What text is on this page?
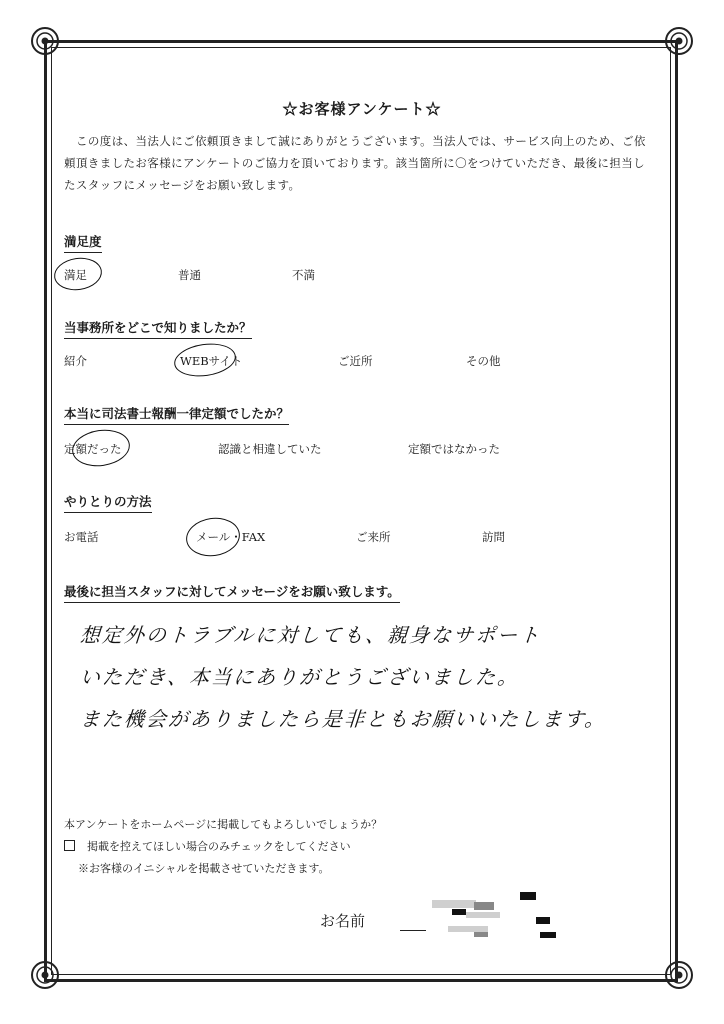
☆お客様アンケート☆
この度は、当法人にご依頼頂きまして誠にありがとうございます。当法人では、サービス向上のため、ご依頼頂きましたお客様にアンケートのご協力を頂いております。該当箇所に〇をつけていただき、最後に担当したスタッフにメッセージをお願い致します。
満足度
満足	普通	不満
当事務所をどこで知りましたか？
紹介	WEBサイト	ご近所	その他
本当に司法書士報酬一律定額でしたか？
定額だった	認識と相違していた	定額ではなかった
やりとりの方法
お電話	メール・FAX	ご来所	訪問
最後に担当スタッフに対してメッセージをお願い致します。
想定外のトラブルに対しても、親身なサポート
いただき、本当にありがとうございました。
また機会がありましたら是非ともお願いいたします。
本アンケートをホームページに掲載してもよろしいでしょうか？
掲載を控えてほしい場合のみチェックをしてください
※お客様のイニシャルを掲載させていただきます。
お名前
